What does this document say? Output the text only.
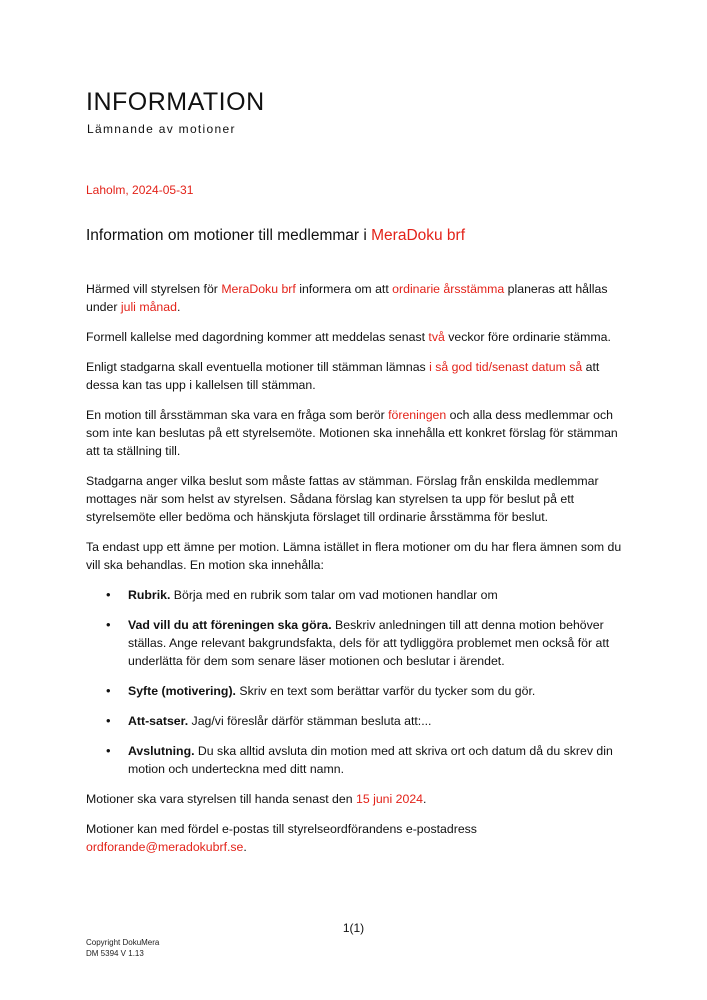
INFORMATION
Lämnande av motioner
Laholm, 2024-05-31
Information om motioner till medlemmar i MeraDoku brf

Härmed vill styrelsen för MeraDoku brf informera om att ordinarie årsstämma planeras att hållas under juli månad.

Formell kallelse med dagordning kommer att meddelas senast två veckor före ordinarie stämma.

Enligt stadgarna skall eventuella motioner till stämman lämnas i så god tid/senast datum så att dessa kan tas upp i kallelsen till stämman.

En motion till årsstämman ska vara en fråga som berör föreningen och alla dess medlemmar och som inte kan beslutas på ett styrelsemöte. Motionen ska innehålla ett konkret förslag för stämman att ta ställning till.

Stadgarna anger vilka beslut som måste fattas av stämman. Förslag från enskilda medlemmar mottages när som helst av styrelsen. Sådana förslag kan styrelsen ta upp för beslut på ett styrelsemöte eller bedöma och hänskjuta förslaget till ordinarie årsstämma för beslut.

Ta endast upp ett ämne per motion. Lämna istället in flera motioner om du har flera ämnen som du vill ska behandlas. En motion ska innehålla:

• Rubrik. Börja med en rubrik som talar om vad motionen handlar om
• Vad vill du att föreningen ska göra. Beskriv anledningen till att denna motion behöver ställas. Ange relevant bakgrundsfakta, dels för att tydliggöra problemet men också för att underlätta för dem som senare läser motionen och beslutar i ärendet.
• Syfte (motivering). Skriv en text som berättar varför du tycker som du gör.
• Att-satser. Jag/vi föreslår därför stämman besluta att:...
• Avslutning. Du ska alltid avsluta din motion med att skriva ort och datum då du skrev din motion och underteckna med ditt namn.

Motioner ska vara styrelsen till handa senast den 15 juni 2024.

Motioner kan med fördel e-postas till styrelseordförandens e-postadress
ordforande@meradokubrf.se.

1(1)
Copyright DokuMera
DM 5394 V 1.13
